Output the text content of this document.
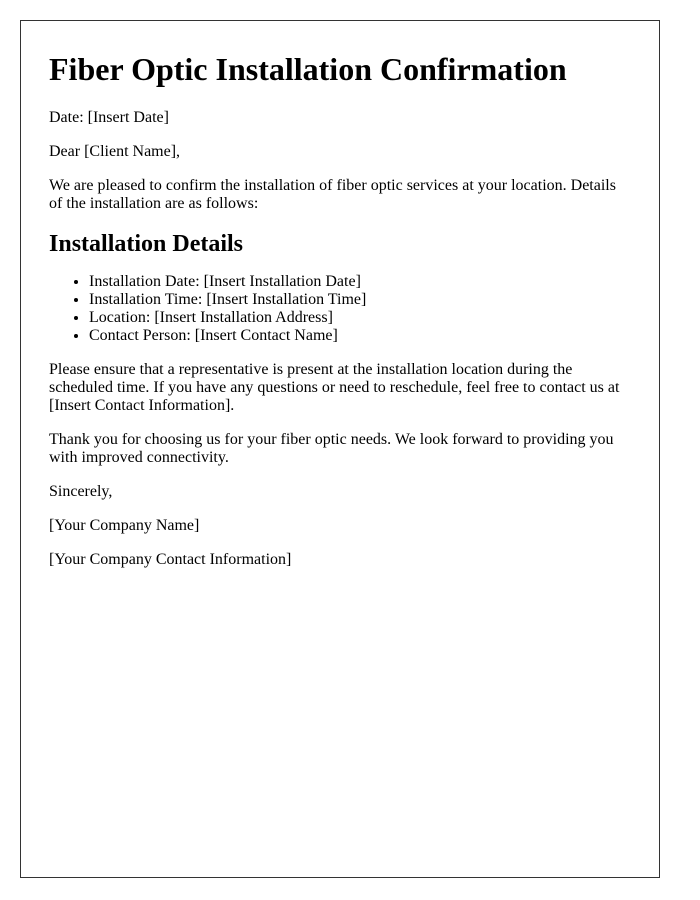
Fiber Optic Installation Confirmation

Date: [Insert Date]

Dear [Client Name],

We are pleased to confirm the installation of fiber optic services at your location. Details of the installation are as follows:

Installation Details
• Installation Date: [Insert Installation Date]
• Installation Time: [Insert Installation Time]
• Location: [Insert Installation Address]
• Contact Person: [Insert Contact Name]

Please ensure that a representative is present at the installation location during the scheduled time. If you have any questions or need to reschedule, feel free to contact us at [Insert Contact Information].

Thank you for choosing us for your fiber optic needs. We look forward to providing you with improved connectivity.

Sincerely,

[Your Company Name]

[Your Company Contact Information]
